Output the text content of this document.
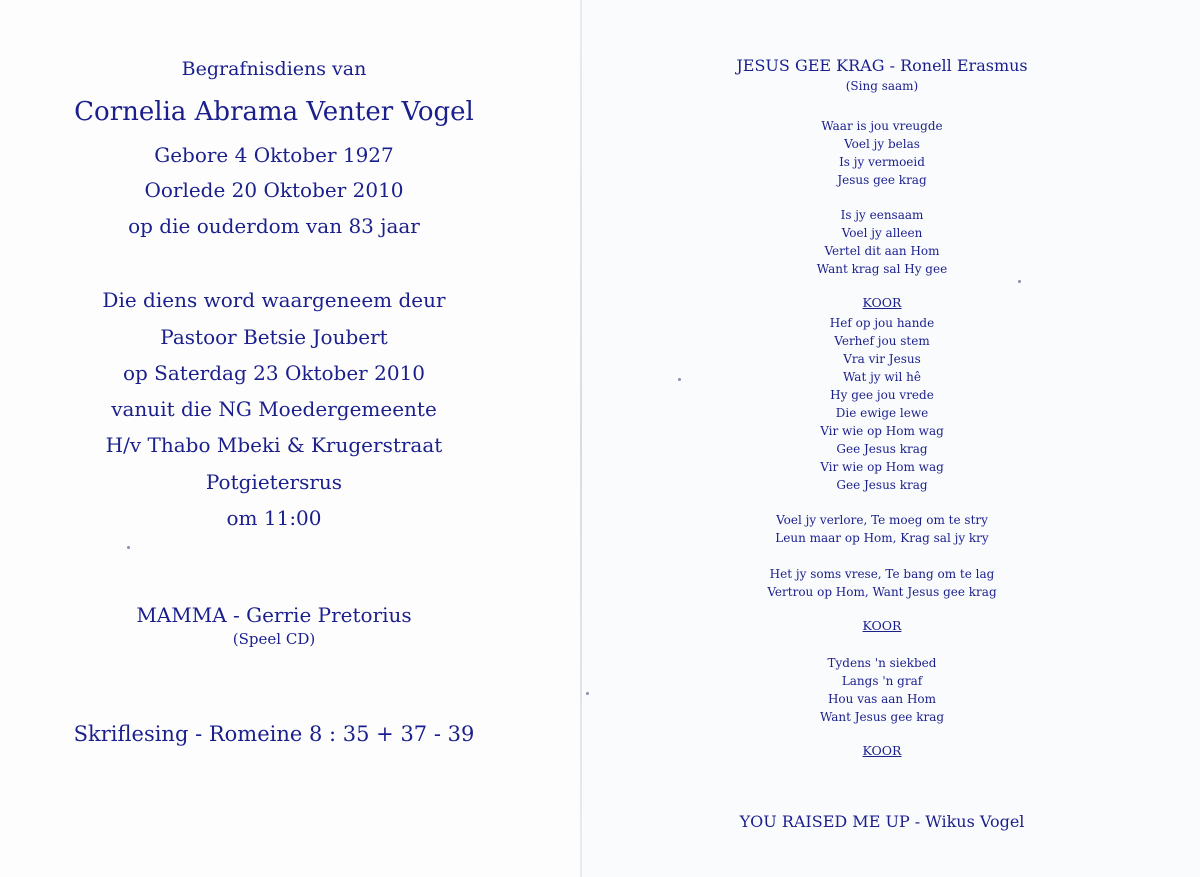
Begrafnisdiens van
Cornelia Abrama Venter Vogel
Gebore 4 Oktober 1927
Oorlede 20 Oktober 2010
op die ouderdom van 83 jaar
Die diens word waargeneem deur
Pastoor Betsie Joubert
op Saterdag 23 Oktober 2010
vanuit die NG Moedergemeente
H/v Thabo Mbeki & Krugerstraat
Potgietersrus
om 11:00
MAMMA - Gerrie Pretorius
(Speel CD)
Skriflesing - Romeine 8 : 35 + 37 - 39
JESUS GEE KRAG - Ronell Erasmus
(Sing saam)
Waar is jou vreugde
Voel jy belas
Is jy vermoeid
Jesus gee krag
Is jy eensaam
Voel jy alleen
Vertel dit aan Hom
Want krag sal Hy gee
KOOR
Hef op jou hande
Verhef jou stem
Vra vir Jesus
Wat jy wil hê
Hy gee jou vrede
Die ewige lewe
Vir wie op Hom wag
Gee Jesus krag
Vir wie op Hom wag
Gee Jesus krag
Voel jy verlore, Te moeg om te stry
Leun maar op Hom, Krag sal jy kry
Het jy soms vrese, Te bang om te lag
Vertrou op Hom, Want Jesus gee krag
KOOR
Tydens 'n siekbed
Langs 'n graf
Hou vas aan Hom
Want Jesus gee krag
KOOR
YOU RAISED ME UP - Wikus Vogel
